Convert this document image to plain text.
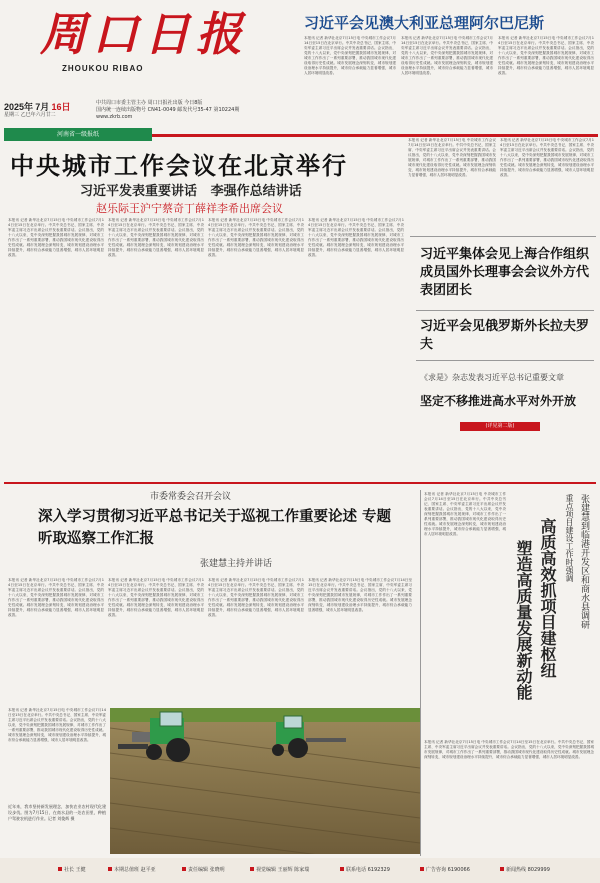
周口日报
ZHOUKOU RIBAO
2025年 7月 16日
星期三 乙巳年六月廿二
中共周口市委主管主办 周口日报社出版 今日8版
国内统一连续出版物号 CN41-0049 邮发代号35-47 第10224期 www.zkrb.com
河南省一级报纸
习近平会见澳大利亚总理阿尔巴尼斯
本报讯 记者 新华社北京7月15日电 中央城市工作会议7月14日至15日在北京举行。中共中央总书记、国家主席、中央军委主席习近平出席会议并发表重要讲话。会议指出，党的十八大以来，党中央深刻把握我国城市发展规律，对城市工作作出了一系列重要部署，推动我国城市现代化建设取得历史性成就。城市发展理念深刻转变，城市规划建设治理水平持续提升，城市综合承载能力显著增强，城市人居环境明显改善。
本报讯 记者 新华社北京7月15日电 中央城市工作会议7月14日至15日在北京举行。中共中央总书记、国家主席、中央军委主席习近平出席会议并发表重要讲话。会议指出，党的十八大以来，党中央深刻把握我国城市发展规律，对城市工作作出了一系列重要部署，推动我国城市现代化建设取得历史性成就。城市发展理念深刻转变，城市规划建设治理水平持续提升，城市综合承载能力显著增强，城市人居环境明显改善。
本报讯 记者 新华社北京7月15日电 中央城市工作会议7月14日至15日在北京举行。中共中央总书记、国家主席、中央军委主席习近平出席会议并发表重要讲话。会议指出，党的十八大以来，党中央深刻把握我国城市发展规律，对城市工作作出了一系列重要部署，推动我国城市现代化建设取得历史性成就。城市发展理念深刻转变，城市规划建设治理水平持续提升，城市综合承载能力显著增强，城市人居环境明显改善。
中央城市工作会议在北京举行
习近平发表重要讲话   李强作总结讲话
赵乐际王沪宁蔡奇丁薛祥李希出席会议
本报讯 记者 新华社北京7月15日电 中央城市工作会议7月14日至15日在北京举行。中共中央总书记、国家主席、中央军委主席习近平出席会议并发表重要讲话。会议指出，党的十八大以来，党中央深刻把握我国城市发展规律，对城市工作作出了一系列重要部署，推动我国城市现代化建设取得历史性成就。城市发展理念深刻转变，城市规划建设治理水平持续提升，城市综合承载能力显著增强，城市人居环境明显改善。
本报讯 记者 新华社北京7月15日电 中央城市工作会议7月14日至15日在北京举行。中共中央总书记、国家主席、中央军委主席习近平出席会议并发表重要讲话。会议指出，党的十八大以来，党中央深刻把握我国城市发展规律，对城市工作作出了一系列重要部署，推动我国城市现代化建设取得历史性成就。城市发展理念深刻转变，城市规划建设治理水平持续提升，城市综合承载能力显著增强，城市人居环境明显改善。
本报讯 记者 新华社北京7月15日电 中央城市工作会议7月14日至15日在北京举行。中共中央总书记、国家主席、中央军委主席习近平出席会议并发表重要讲话。会议指出，党的十八大以来，党中央深刻把握我国城市发展规律，对城市工作作出了一系列重要部署，推动我国城市现代化建设取得历史性成就。城市发展理念深刻转变，城市规划建设治理水平持续提升，城市综合承载能力显著增强，城市人居环境明显改善。
本报讯 记者 新华社北京7月15日电 中央城市工作会议7月14日至15日在北京举行。中共中央总书记、国家主席、中央军委主席习近平出席会议并发表重要讲话。会议指出，党的十八大以来，党中央深刻把握我国城市发展规律，对城市工作作出了一系列重要部署，推动我国城市现代化建设取得历史性成就。城市发展理念深刻转变，城市规划建设治理水平持续提升，城市综合承载能力显著增强，城市人居环境明显改善。
本报讯 记者 新华社北京7月15日电 中央城市工作会议7月14日至15日在北京举行。中共中央总书记、国家主席、中央军委主席习近平出席会议并发表重要讲话。会议指出，党的十八大以来，党中央深刻把握我国城市发展规律，对城市工作作出了一系列重要部署，推动我国城市现代化建设取得历史性成就。城市发展理念深刻转变，城市规划建设治理水平持续提升，城市综合承载能力显著增强，城市人居环境明显改善。
本报讯 记者 新华社北京7月15日电 中央城市工作会议7月14日至15日在北京举行。中共中央总书记、国家主席、中央军委主席习近平出席会议并发表重要讲话。会议指出，党的十八大以来，党中央深刻把握我国城市发展规律，对城市工作作出了一系列重要部署，推动我国城市现代化建设取得历史性成就。城市发展理念深刻转变，城市规划建设治理水平持续提升，城市综合承载能力显著增强，城市人居环境明显改善。
习近平集体会见上海合作组织成员国外长理事会会议外方代表团团长
习近平会见俄罗斯外长拉夫罗夫
《求是》杂志发表习近平总书记重要文章
坚定不移推进高水平对外开放
(详见第二版)
市委常委会召开会议
深入学习贯彻习近平总书记关于巡视工作重要论述 专题听取巡察工作汇报
张建慧主持并讲话
本报讯 记者 新华社北京7月15日电 中央城市工作会议7月14日至15日在北京举行。中共中央总书记、国家主席、中央军委主席习近平出席会议并发表重要讲话。会议指出，党的十八大以来，党中央深刻把握我国城市发展规律，对城市工作作出了一系列重要部署，推动我国城市现代化建设取得历史性成就。城市发展理念深刻转变，城市规划建设治理水平持续提升，城市综合承载能力显著增强，城市人居环境明显改善。
本报讯 记者 新华社北京7月15日电 中央城市工作会议7月14日至15日在北京举行。中共中央总书记、国家主席、中央军委主席习近平出席会议并发表重要讲话。会议指出，党的十八大以来，党中央深刻把握我国城市发展规律，对城市工作作出了一系列重要部署，推动我国城市现代化建设取得历史性成就。城市发展理念深刻转变，城市规划建设治理水平持续提升，城市综合承载能力显著增强，城市人居环境明显改善。
本报讯 记者 新华社北京7月15日电 中央城市工作会议7月14日至15日在北京举行。中共中央总书记、国家主席、中央军委主席习近平出席会议并发表重要讲话。会议指出，党的十八大以来，党中央深刻把握我国城市发展规律，对城市工作作出了一系列重要部署，推动我国城市现代化建设取得历史性成就。城市发展理念深刻转变，城市规划建设治理水平持续提升，城市综合承载能力显著增强，城市人居环境明显改善。
本报讯 记者 新华社北京7月15日电 中央城市工作会议7月14日至15日在北京举行。中共中央总书记、国家主席、中央军委主席习近平出席会议并发表重要讲话。会议指出，党的十八大以来，党中央深刻把握我国城市发展规律，对城市工作作出了一系列重要部署，推动我国城市现代化建设取得历史性成就。城市发展理念深刻转变，城市规划建设治理水平持续提升，城市综合承载能力显著增强，城市人居环境明显改善。
本报讯 记者 新华社北京7月15日电 中央城市工作会议7月14日至15日在北京举行。中共中央总书记、国家主席、中央军委主席习近平出席会议并发表重要讲话。会议指出，党的十八大以来，党中央深刻把握我国城市发展规律，对城市工作作出了一系列重要部署，推动我国城市现代化建设取得历史性成就。城市发展理念深刻转变，城市规划建设治理水平持续提升，城市综合承载能力显著增强，城市人居环境明显改善。
近年来，我市坚持新发展理念，加快农业农村现代化建设步伐。图为7月15日，在商水县的一处农田里，种植户驾驶农机进行作业。记者 刘俊辉 摄
张建慧到临港开发区和商水县调研
重点项目建设工作时强调
高质高效抓项目建枢纽
塑造高质量发展新动能
本报讯 记者 新华社北京7月15日电 中央城市工作会议7月14日至15日在北京举行。中共中央总书记、国家主席、中央军委主席习近平出席会议并发表重要讲话。会议指出，党的十八大以来，党中央深刻把握我国城市发展规律，对城市工作作出了一系列重要部署，推动我国城市现代化建设取得历史性成就。城市发展理念深刻转变，城市规划建设治理水平持续提升，城市综合承载能力显著增强，城市人居环境明显改善。
本报讯 记者 新华社北京7月15日电 中央城市工作会议7月14日至15日在北京举行。中共中央总书记、国家主席、中央军委主席习近平出席会议并发表重要讲话。会议指出，党的十八大以来，党中央深刻把握我国城市发展规律，对城市工作作出了一系列重要部署，推动我国城市现代化建设取得历史性成就。城市发展理念深刻转变，城市规划建设治理水平持续提升，城市综合承载能力显著增强，城市人居环境明显改善。
社长 王健	本期总值班 赵平亚	责任编辑 张晓明	视觉编辑 王丽辉 陈家瑞	联系电话 6192329	广告咨询 6190066	新闻热线 8029999
